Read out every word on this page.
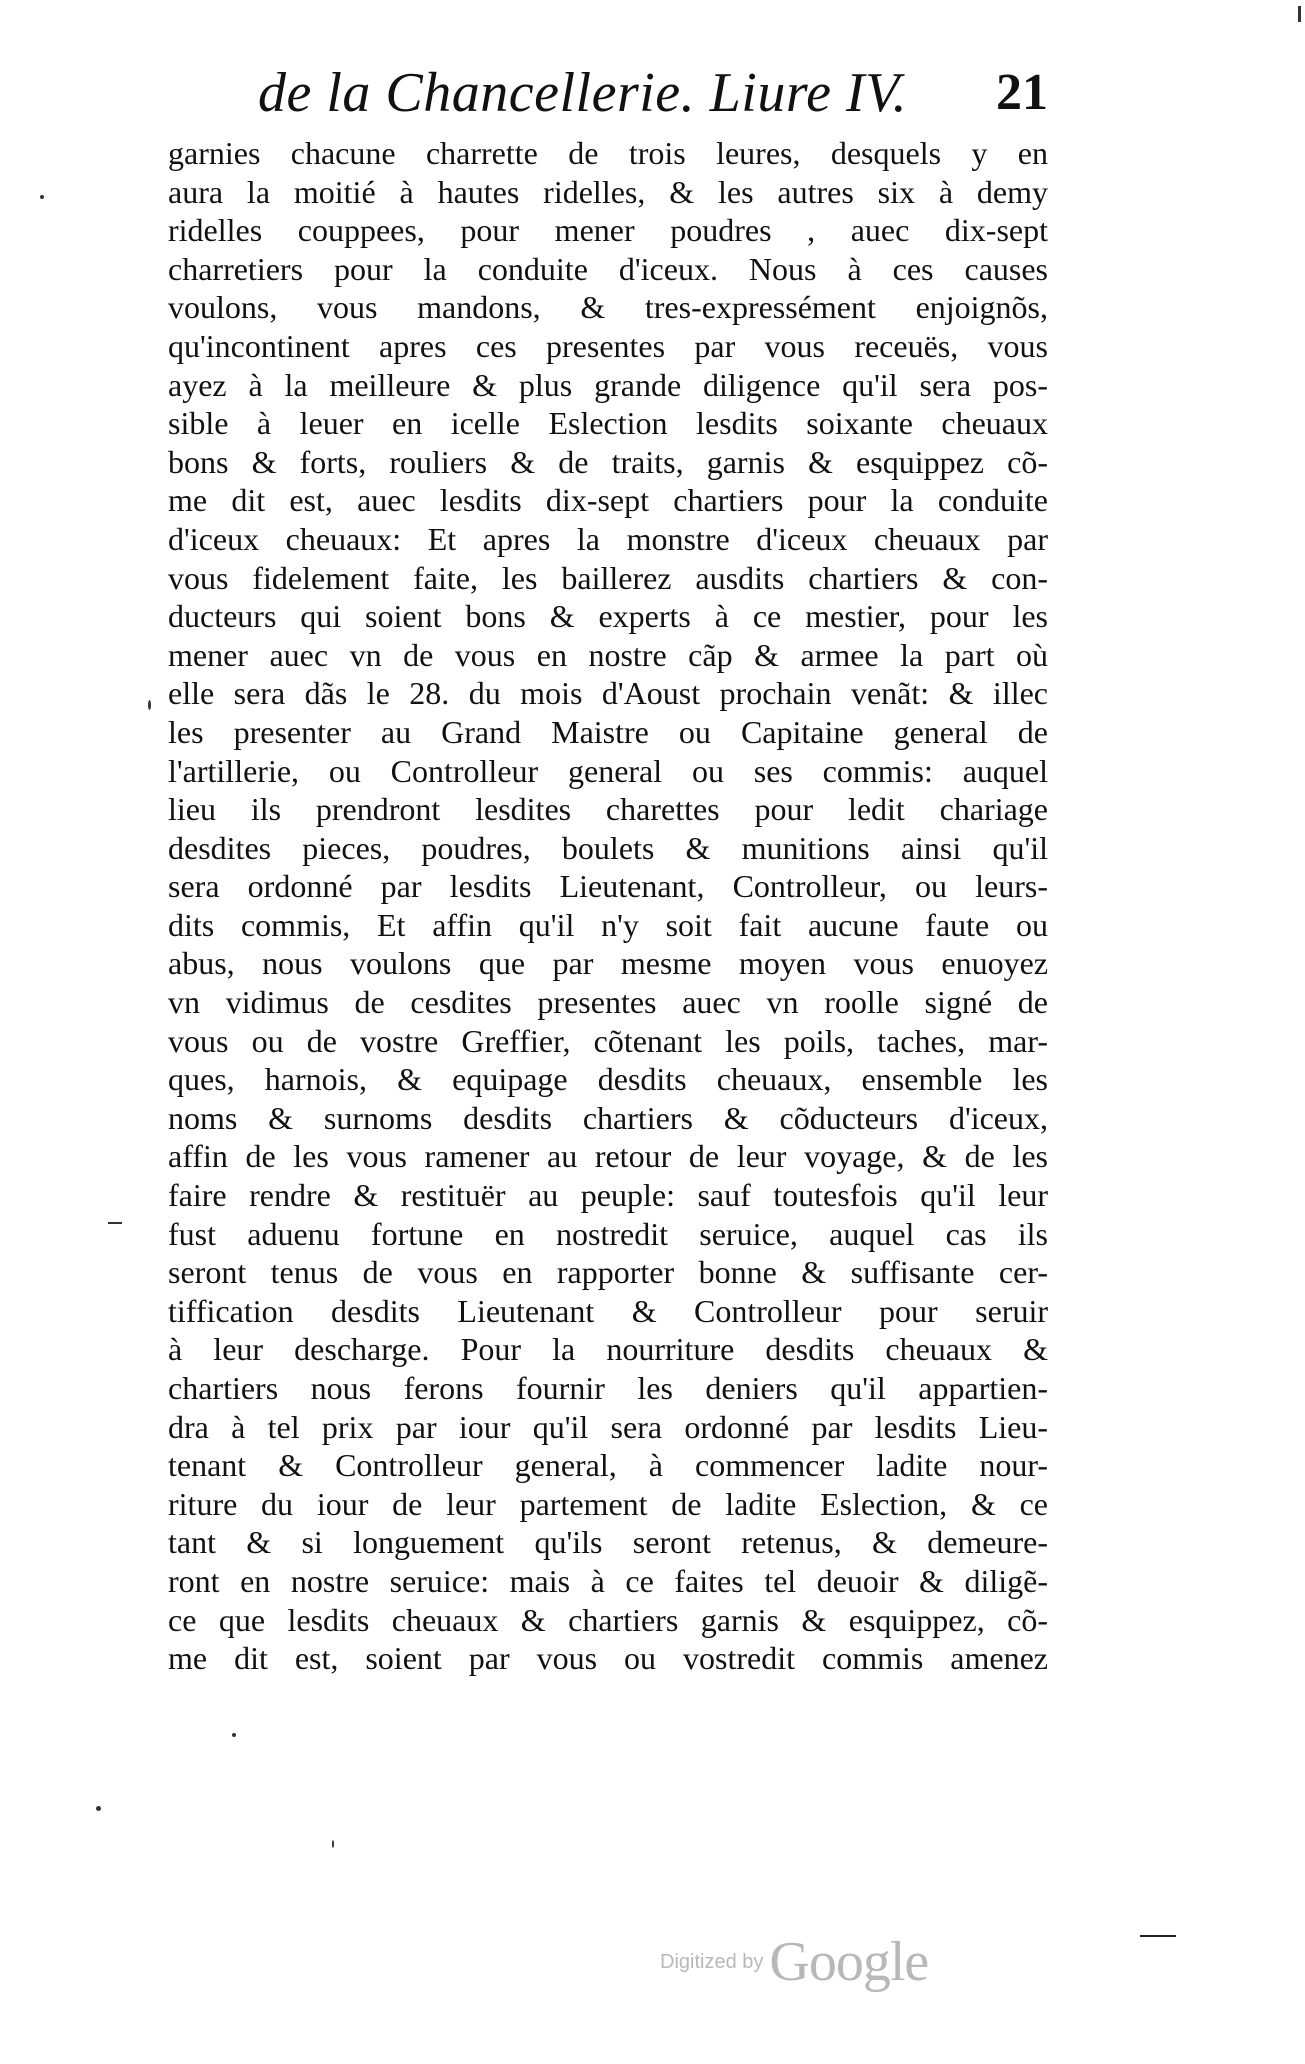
de la Chancellerie. Liure IV. 21
garnies chacune charrette de trois leures, desquels y en
aura la moitié à hautes ridelles, & les autres six à demy
ridelles couppees, pour mener poudres , auec dix-sept
charretiers pour la conduite d'iceux. Nous à ces causes
voulons, vous mandons, & tres-expressément enjoignõs,
qu'incontinent apres ces presentes par vous receuës, vous
ayez à la meilleure & plus grande diligence qu'il sera pos-
sible à leuer en icelle Eslection lesdits soixante cheuaux
bons & forts, rouliers & de traits, garnis & esquippez cõ-
me dit est, auec lesdits dix-sept chartiers pour la conduite
d'iceux cheuaux: Et apres la monstre d'iceux cheuaux par
vous fidelement faite, les baillerez ausdits chartiers & con-
ducteurs qui soient bons & experts à ce mestier, pour les
mener auec vn de vous en nostre cãp & armee la part où
elle sera dãs le 28. du mois d'Aoust prochain venãt: & illec
les presenter au Grand Maistre ou Capitaine general de
l'artillerie, ou Controlleur general ou ses commis: auquel
lieu ils prendront lesdites charettes pour ledit chariage
desdites pieces, poudres, boulets & munitions ainsi qu'il
sera ordonné par lesdits Lieutenant, Controlleur, ou leurs-
dits commis, Et affin qu'il n'y soit fait aucune faute ou
abus, nous voulons que par mesme moyen vous enuoyez
vn vidimus de cesdites presentes auec vn roolle signé de
vous ou de vostre Greffier, cõtenant les poils, taches, mar-
ques, harnois, & equipage desdits cheuaux, ensemble les
noms & surnoms desdits chartiers & cõducteurs d'iceux,
affin de les vous ramener au retour de leur voyage, & de les
faire rendre & restituër au peuple: sauf toutesfois qu'il leur
fust aduenu fortune en nostredit seruice, auquel cas ils
seront tenus de vous en rapporter bonne & suffisante cer-
tiffication desdits Lieutenant & Controlleur pour seruir
à leur descharge. Pour la nourriture desdits cheuaux &
chartiers nous ferons fournir les deniers qu'il appartien-
dra à tel prix par iour qu'il sera ordonné par lesdits Lieu-
tenant & Controlleur general, à commencer ladite nour-
riture du iour de leur partement de ladite Eslection, & ce
tant & si longuement qu'ils seront retenus, & demeure-
ront en nostre seruice: mais à ce faites tel deuoir & diligẽ-
ce que lesdits cheuaux & chartiers garnis & esquippez, cõ-
me dit est, soient par vous ou vostredit commis amenez
Digitized by Google
